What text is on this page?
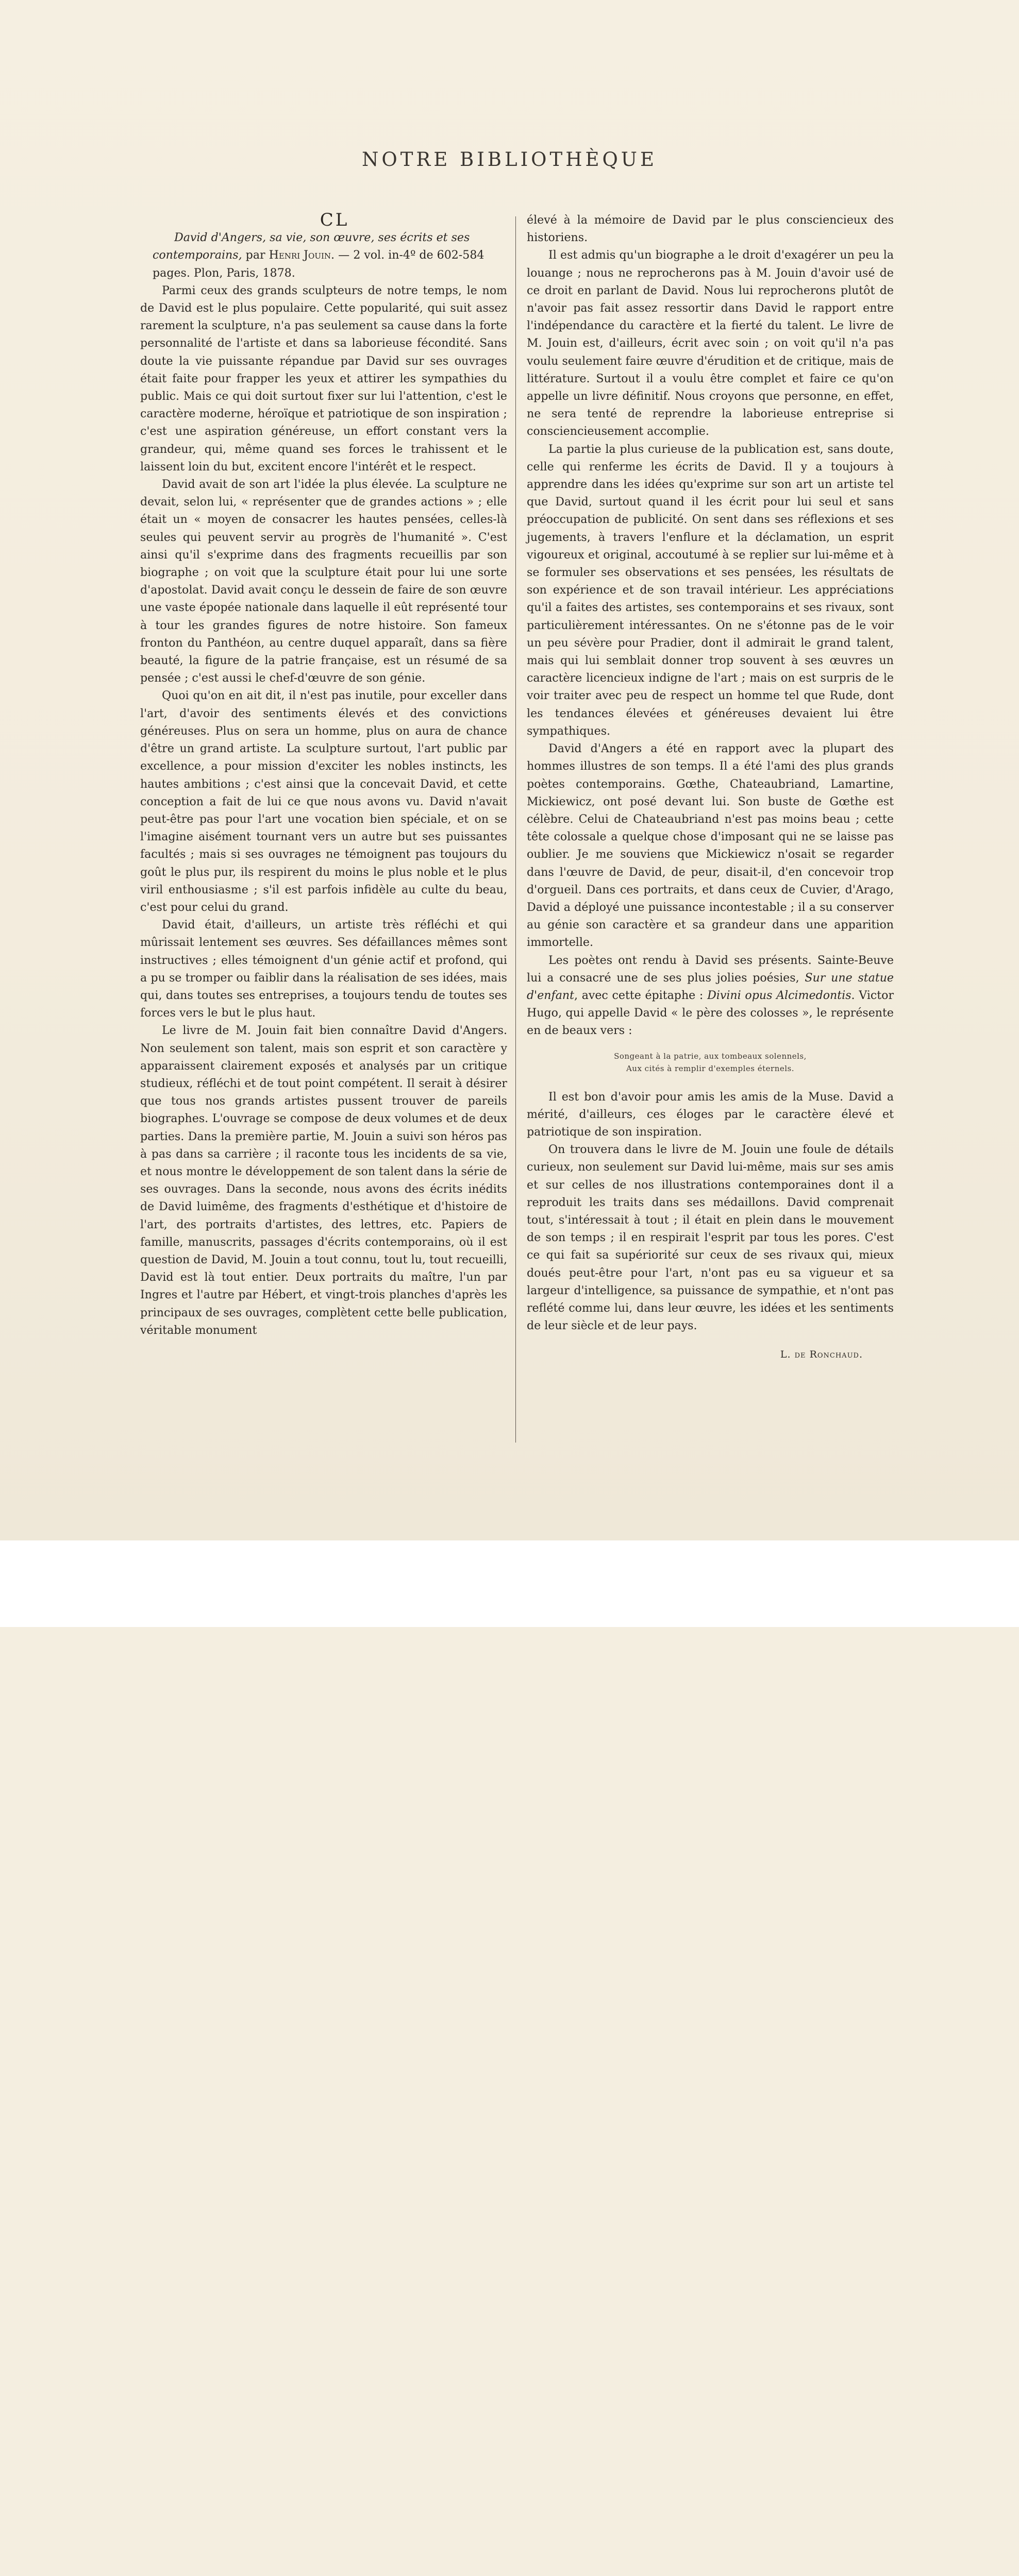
NOTRE BIBLIOTHÈQUE

CL

David d'Angers, sa vie, son œuvre, ses écrits et ses contemporains, par Henri Jouin. — 2 vol. in-4º de 602-584 pages. Plon, Paris, 1878.

Parmi ceux des grands sculpteurs de notre temps, le nom de David est le plus populaire. Cette popularité, qui suit assez rarement la sculpture, n'a pas seulement sa cause dans la forte personnalité de l'artiste et dans sa laborieuse fécondité. Sans doute la vie puissante répandue par David sur ses ouvrages était faite pour frapper les yeux et attirer les sympathies du public. Mais ce qui doit surtout fixer sur lui l'attention, c'est le caractère moderne, héroïque et patriotique de son inspiration ; c'est une aspiration généreuse, un effort constant vers la grandeur, qui, même quand ses forces le trahissent et le laissent loin du but, excitent encore l'intérêt et le respect.

David avait de son art l'idée la plus élevée. La sculpture ne devait, selon lui, « représenter que de grandes actions » ; elle était un « moyen de consacrer les hautes pensées, celles-là seules qui peuvent servir au progrès de l'humanité ». C'est ainsi qu'il s'exprime dans des fragments recueillis par son biographe ; on voit que la sculpture était pour lui une sorte d'apostolat. David avait conçu le dessein de faire de son œuvre une vaste épopée nationale dans laquelle il eût représenté tour à tour les grandes figures de notre histoire. Son fameux fronton du Panthéon, au centre duquel apparaît, dans sa fière beauté, la figure de la patrie française, est un résumé de sa pensée ; c'est aussi le chef-d'œuvre de son génie.

Quoi qu'on en ait dit, il n'est pas inutile, pour exceller dans l'art, d'avoir des sentiments élevés et des convictions généreuses. Plus on sera un homme, plus on aura de chance d'être un grand artiste. La sculpture surtout, l'art public par excellence, a pour mission d'exciter les nobles instincts, les hautes ambitions ; c'est ainsi que la concevait David, et cette conception a fait de lui ce que nous avons vu. David n'avait peut-être pas pour l'art une vocation bien spéciale, et on se l'imagine aisément tournant vers un autre but ses puissantes facultés ; mais si ses ouvrages ne témoignent pas toujours du goût le plus pur, ils respirent du moins le plus noble et le plus viril enthousiasme ; s'il est parfois infidèle au culte du beau, c'est pour celui du grand.

David était, d'ailleurs, un artiste très réfléchi et qui mûrissait lentement ses œuvres. Ses défaillances mêmes sont instructives ; elles témoignent d'un génie actif et profond, qui a pu se tromper ou faiblir dans la réalisation de ses idées, mais qui, dans toutes ses entreprises, a toujours tendu de toutes ses forces vers le but le plus haut.

Le livre de M. Jouin fait bien connaître David d'Angers. Non seulement son talent, mais son esprit et son caractère y apparaissent clairement exposés et analysés par un critique studieux, réfléchi et de tout point compétent. Il serait à désirer que tous nos grands artistes pussent trouver de pareils biographes. L'ouvrage se compose de deux volumes et de deux parties. Dans la première partie, M. Jouin a suivi son héros pas à pas dans sa carrière ; il raconte tous les incidents de sa vie, et nous montre le développement de son talent dans la série de ses ouvrages. Dans la seconde, nous avons des écrits inédits de David luimême, des fragments d'esthétique et d'histoire de l'art, des portraits d'artistes, des lettres, etc. Papiers de famille, manuscrits, passages d'écrits contemporains, où il est question de David, M. Jouin a tout connu, tout lu, tout recueilli, David est là tout entier. Deux portraits du maître, l'un par Ingres et l'autre par Hébert, et vingt-trois planches d'après les principaux de ses ouvrages, complètent cette belle publication, véritable monument

élevé à la mémoire de David par le plus consciencieux des historiens.

Il est admis qu'un biographe a le droit d'exagérer un peu la louange ; nous ne reprocherons pas à M. Jouin d'avoir usé de ce droit en parlant de David. Nous lui reprocherons plutôt de n'avoir pas fait assez ressortir dans David le rapport entre l'indépendance du caractère et la fierté du talent. Le livre de M. Jouin est, d'ailleurs, écrit avec soin ; on voit qu'il n'a pas voulu seulement faire œuvre d'érudition et de critique, mais de littérature. Surtout il a voulu être complet et faire ce qu'on appelle un livre définitif. Nous croyons que personne, en effet, ne sera tenté de reprendre la laborieuse entreprise si consciencieusement accomplie.

La partie la plus curieuse de la publication est, sans doute, celle qui renferme les écrits de David. Il y a toujours à apprendre dans les idées qu'exprime sur son art un artiste tel que David, surtout quand il les écrit pour lui seul et sans préoccupation de publicité. On sent dans ses réflexions et ses jugements, à travers l'enflure et la déclamation, un esprit vigoureux et original, accoutumé à se replier sur lui-même et à se formuler ses observations et ses pensées, les résultats de son expérience et de son travail intérieur. Les appréciations qu'il a faites des artistes, ses contemporains et ses rivaux, sont particulièrement intéressantes. On ne s'étonne pas de le voir un peu sévère pour Pradier, dont il admirait le grand talent, mais qui lui semblait donner trop souvent à ses œuvres un caractère licencieux indigne de l'art ; mais on est surpris de le voir traiter avec peu de respect un homme tel que Rude, dont les tendances élevées et généreuses devaient lui être sympathiques.

David d'Angers a été en rapport avec la plupart des hommes illustres de son temps. Il a été l'ami des plus grands poètes contemporains. Gœthe, Chateaubriand, Lamartine, Mickiewicz, ont posé devant lui. Son buste de Gœthe est célèbre. Celui de Chateaubriand n'est pas moins beau ; cette tête colossale a quelque chose d'imposant qui ne se laisse pas oublier. Je me souviens que Mickiewicz n'osait se regarder dans l'œuvre de David, de peur, disait-il, d'en concevoir trop d'orgueil. Dans ces portraits, et dans ceux de Cuvier, d'Arago, David a déployé une puissance incontestable ; il a su conserver au génie son caractère et sa grandeur dans une apparition immortelle.

Les poètes ont rendu à David ses présents. Sainte-Beuve lui a consacré une de ses plus jolies poésies, Sur une statue d'enfant, avec cette épitaphe : Divini opus Alcimedontis. Victor Hugo, qui appelle David « le père des colosses », le représente en de beaux vers :

Songeant à la patrie, aux tombeaux solennels,
Aux cités à remplir d'exemples éternels.

Il est bon d'avoir pour amis les amis de la Muse. David a mérité, d'ailleurs, ces éloges par le caractère élevé et patriotique de son inspiration.

On trouvera dans le livre de M. Jouin une foule de détails curieux, non seulement sur David lui-même, mais sur ses amis et sur celles de nos illustrations contemporaines dont il a reproduit les traits dans ses médaillons. David comprenait tout, s'intéressait à tout ; il était en plein dans le mouvement de son temps ; il en respirait l'esprit par tous les pores. C'est ce qui fait sa supériorité sur ceux de ses rivaux qui, mieux doués peut-être pour l'art, n'ont pas eu sa vigueur et sa largeur d'intelligence, sa puissance de sympathie, et n'ont pas reflété comme lui, dans leur œuvre, les idées et les sentiments de leur siècle et de leur pays.

L. de Ronchaud.
